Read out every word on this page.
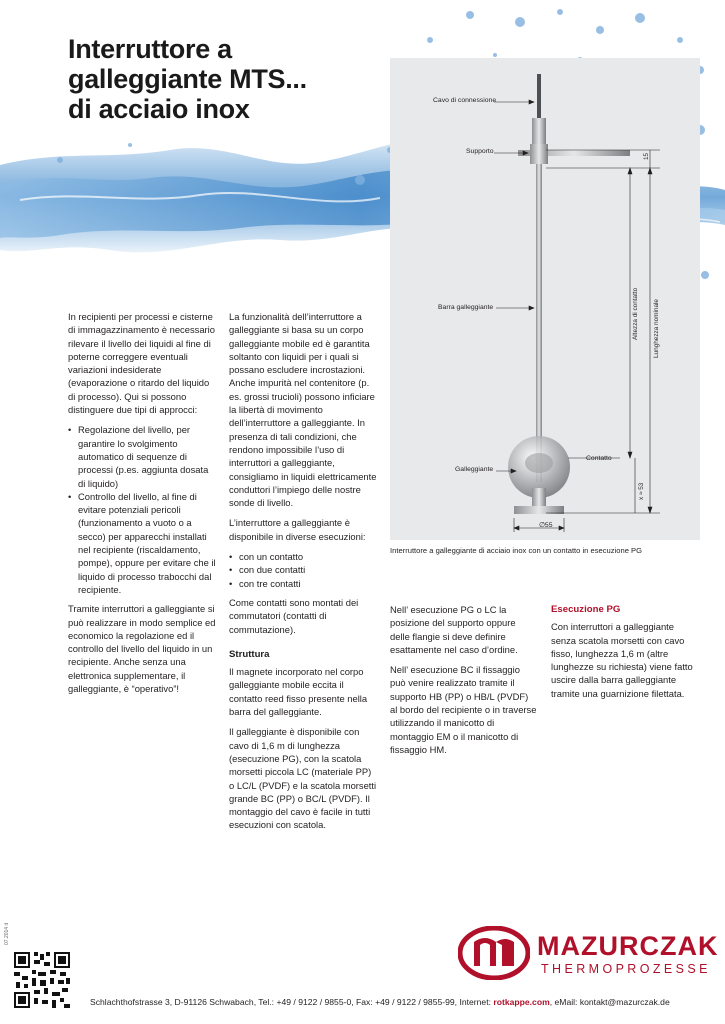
Interruttore a
galleggiante MTS...
di acciaio inox	Cavo di connessione
Supporto
Barra galleggiante
Galleggiante
Contatto
∅55
15
Altezza di contatto Lunghezza nominale
x ≈ 53
Interruttore a galleggiante di acciaio inox con un contatto in esecuzione PG

In recipienti per processi e cisterne di immagazzinamento è necessario rilevare il livello dei liquidi al fine di poterne correggere eventuali variazioni indesiderate (evaporazione o ritardo del liquido di processo). Qui si possono distinguere due tipi di approcci:

• Regolazione del livello, per garantire lo svolgimento automatico di sequenze di processi (p.es. aggiunta dosata di liquido)
• Controllo del livello, al fine di evitare potenziali pericoli (funzionamento a vuoto o a secco) per apparecchi installati nel recipiente (riscaldamento, pompe), oppure per evitare che il liquido di processo trabocchi dal recipiente.

Tramite interruttori a galleggiante si può realizzare in modo semplice ed economico la regolazione ed il controllo del livello del liquido in un recipiente. Anche senza una elettronica supplementare, il galleggiante, è “operativo”!

La funzionalità dell’interruttore a galleggiante si basa su un corpo galleggiante mobile ed è garantita soltanto con liquidi per i quali si possano escludere incrostazioni. Anche impurità nel contenitore (p. es. grossi trucioli) possono inficiare la libertà di movimento dell’interruttore a galleggiante. In presenza di tali condizioni, che rendono impossibile l’uso di interruttori a galleggiante, consigliamo in liquidi elettricamente conduttori l’impiego delle nostre sonde di livello.

L’interruttore a galleggiante è disponibile in diverse esecuzioni:

• con un contatto
• con due contatti
• con tre contatti

Come contatti sono montati dei commutatori (contatti di commutazione).

Struttura

Il magnete incorporato nel corpo galleggiante mobile eccita il contatto reed fisso presente nella barra del galleggiante.

Il galleggiante è disponibile con cavo di 1,6 m di lunghezza (esecuzione PG), con la scatola morsetti piccola LC (materiale PP) o LC/L (PVDF) e la scatola morsetti grande BC (PP) o BC/L (PVDF). Il montaggio del cavo è facile in tutti esecuzioni con scatola.

Nell’ esecuzione PG o LC la posizione del supporto oppure delle flangie si deve definire esattamente nel caso d’ordine.

Nell’ esecuzione BC il fissaggio può venire realizzato tramite il supporto HB (PP) o HB/L (PVDF) al bordo del recipiente o in traverse utilizzando il manicotto di montaggio EM o il manicotto di fissaggio HM.

Esecuzione PG

Con interruttori a galleggiante senza scatola morsetti con cavo fisso, lunghezza 1,6 m (altre lunghezze su richiesta) viene fatto uscire dalla barra galleggiante tramite una guarnizione filettata.

07.2014 it	MAZURCZAK
THERMOPROZESSE
Schlachthofstrasse 3, D-91126 Schwabach, Tel.: +49 / 9122 / 9855-0, Fax: +49 / 9122 / 9855-99, Internet: rotkappe.com, eMail: kontakt@mazurczak.de
